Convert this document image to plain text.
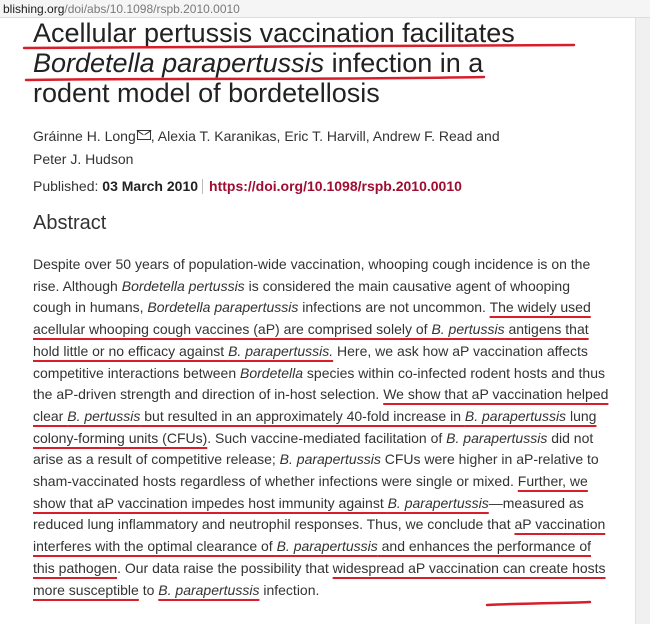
blishing.org/doi/abs/10.1098/rspb.2010.0010
Acellular pertussis vaccination facilitates
Bordetella parapertussis infection in a
rodent model of bordetellosis
Gráinne H. Long , Alexia T. Karanikas, Eric T. Harvill, Andrew F. Read and
Peter J. Hudson
Published: 03 March 2010 https://doi.org/10.1098/rspb.2010.0010
Abstract

Despite over 50 years of population-wide vaccination, whooping cough incidence is on the rise. Although Bordetella pertussis is considered the main causative agent of whooping cough in humans, Bordetella parapertussis infections are not uncommon. The widely used acellular whooping cough vaccines (aP) are comprised solely of B. pertussis antigens that hold little or no efficacy against B. parapertussis. Here, we ask how aP vaccination affects competitive interactions between Bordetella species within co-infected rodent hosts and thus the aP-driven strength and direction of in-host selection. We show that aP vaccination helped clear B. pertussis but resulted in an approximately 40-fold increase in B. parapertussis lung colony-forming units (CFUs). Such vaccine-mediated facilitation of B. parapertussis did not arise as a result of competitive release; B. parapertussis CFUs were higher in aP-relative to sham-vaccinated hosts regardless of whether infections were single or mixed. Further, we show that aP vaccination impedes host immunity against B. parapertussis—measured as reduced lung inflammatory and neutrophil responses. Thus, we conclude that aP vaccination interferes with the optimal clearance of B. parapertussis and enhances the performance of this pathogen. Our data raise the possibility that widespread aP vaccination can create hosts more susceptible to B. parapertussis infection.
